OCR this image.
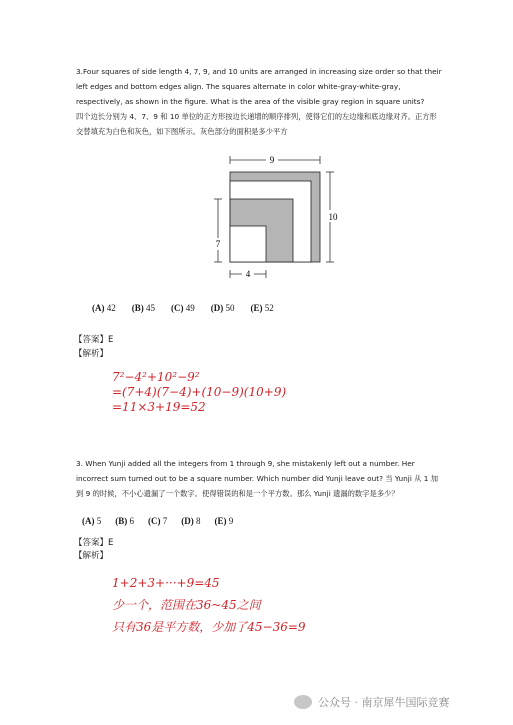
3.Four squares of side length 4, 7, 9, and 10 units are arranged in increasing size order so that their left edges and bottom edges align. The squares alternate in color white-gray-white-gray, respectively, as shown in the figure. What is the area of the visible gray region in square units?
四个边长分别为 4、7、9 和 10 单位的正方形按边长递增的顺序排列，使得它们的左边缘和底边缘对齐。正方形交替填充为白色和灰色，如下图所示。灰色部分的面积是多少平方
9
10
7
4
(A) 42 (B) 45 (C) 49 (D) 50 (E) 52
【答案】E
【解析】
7²−4²+10²−9²
=(7+4)(7−4)+(10−9)(10+9)
=11×3+19=52
3. When Yunji added all the integers from 1 through 9, she mistakenly left out a number. Her incorrect sum turned out to be a square number. Which number did Yunji leave out? 当 Yunji 从 1 加到 9 的时候，不小心遗漏了一个数字。使得错误的和是一个平方数。那么 Yunji 遗漏的数字是多少？
(A) 5 (B) 6 (C) 7 (D) 8 (E) 9
【答案】E
【解析】
1+2+3+···+9=45
少一个，范围在36~45之间
只有36是平方数，少加了45−36=9
公众号 · 南京犀牛国际竞赛
